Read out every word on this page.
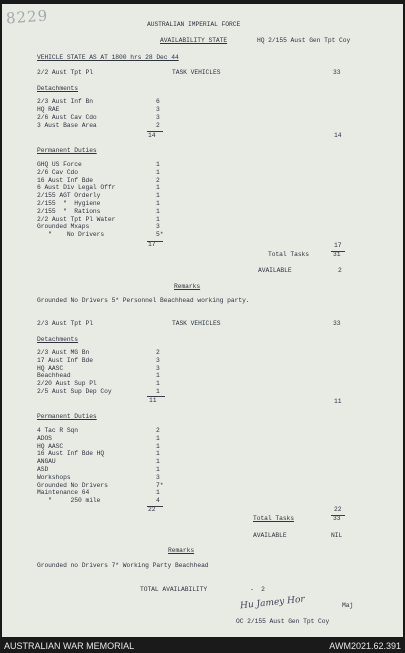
8229	AUSTRALIAN IMPERIAL FORCE
AVAILABILITY STATE	HQ 2/155 Aust Gen Tpt Coy
VEHICLE STATE AS AT 1800 hrs 28 Dec 44
2/2 Aust Tpt Pl	TASK VEHICLES	33
Detachments
2/3 Aust Inf Bn	6
HQ RAE	3
2/6 Aust Cav Cdo	3
3 Aust Base Area	2
14	14
Permanent Duties
GHQ US Force	1
2/6 Cav Cdo	1
16 Aust Inf Bde	2
6 Aust Div Legal Offr	1
2/155 AGT Orderly	1
2/155  "  Hygiene	1
2/155  "  Rations	1
2/2 Aust Tpt Pl Water	1
Grounded Mxaps	3
"    No Drivers	5*
17	17
Total Tasks	31
AVAILABLE	2
Remarks
Grounded No Drivers 5* Personnel Beachhead working party.
2/3 Aust Tpt Pl	TASK VEHICLES	33
Detachments
2/3 Aust MG Bn	2
17 Aust Inf Bde	3
HQ AASC	3
Beachhead	1
2/20 Aust Sup Pl	1
2/5 Aust Sup Dep Coy	1
11	11
Permanent Duties
4 Tac R Sqn	2
ADOS	1
HQ AASC	1
16 Aust Inf Bde HQ	1
ANGAU	1
ASD	1
Workshops	3
Grounded No Drivers	7*
Maintenance 64	1
"     250 mile	4
22	22
Total Tasks	33
AVAILABLE	NIL
Remarks
Grounded no Drivers 7* Working Party Beachhead
TOTAL AVAILABILITY	-  2
Hu Jamey Hor	Maj
OC 2/155 Aust Gen Tpt Coy
AUSTRALIAN WAR MEMORIAL	AWM2021.62.391
